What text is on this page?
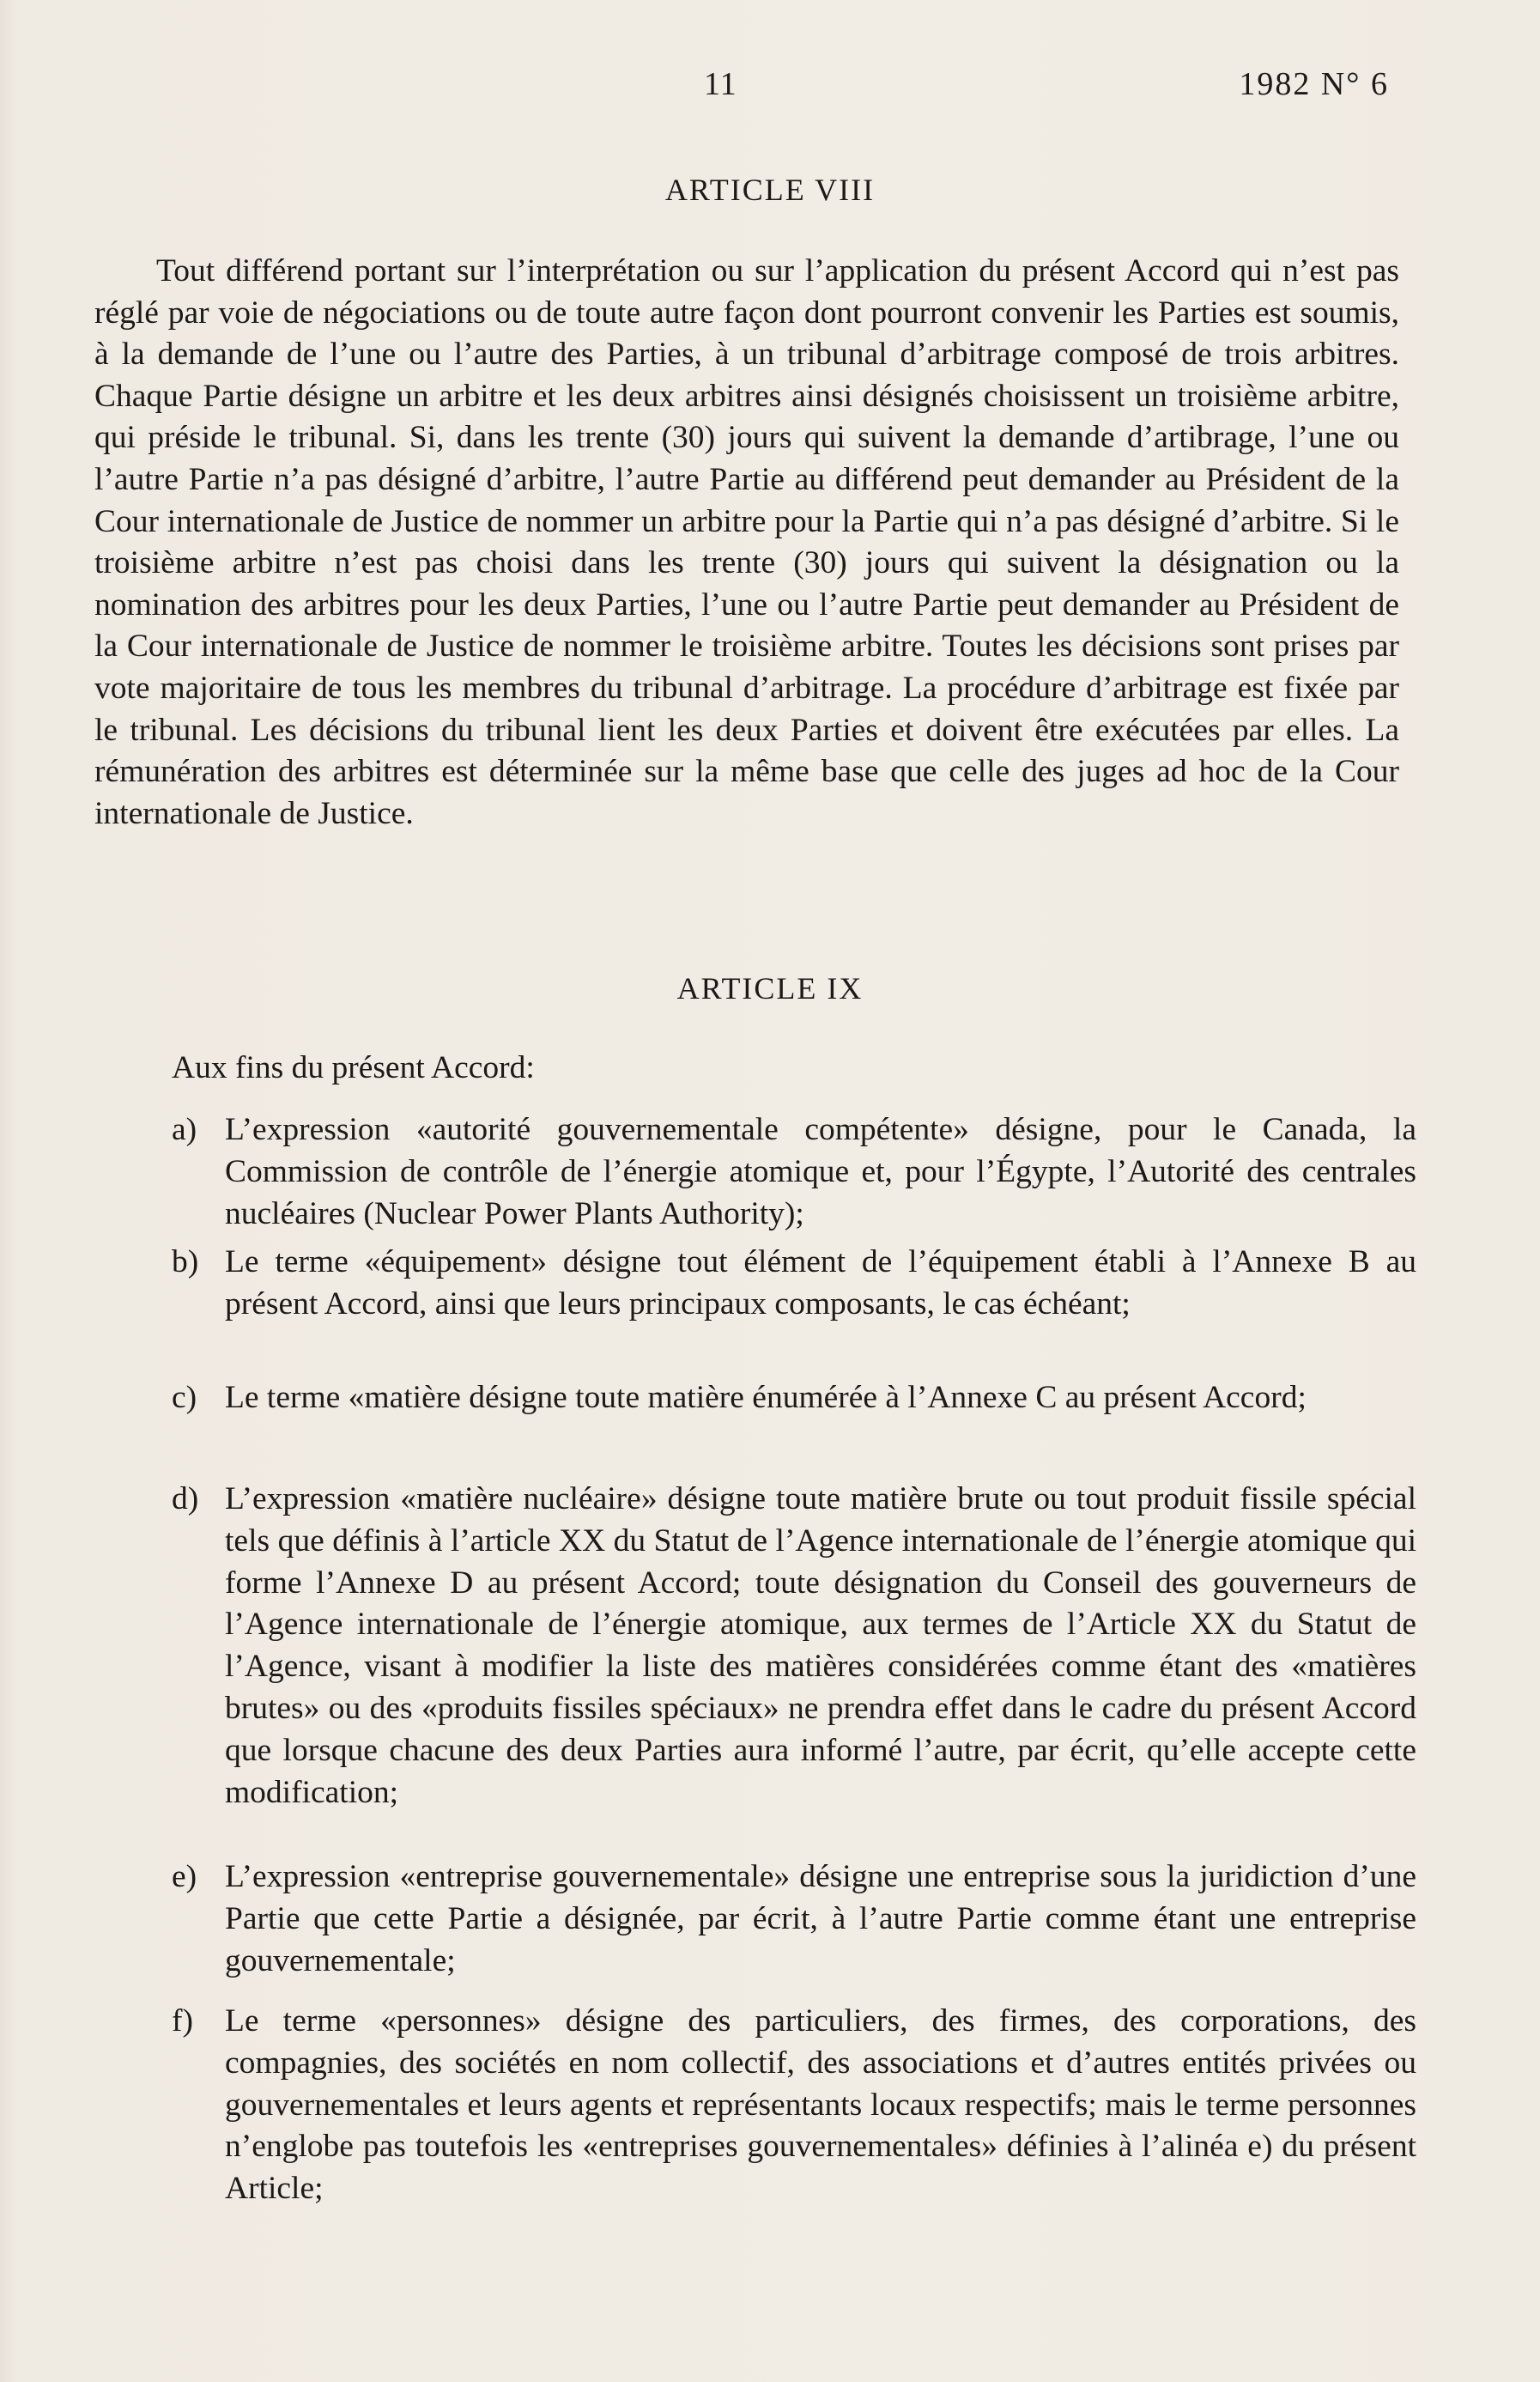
11	1982 N° 6
ARTICLE VIII

Tout différend portant sur l’interprétation ou sur l’application du présent Accord qui n’est pas réglé par voie de négociations ou de toute autre façon dont pourront convenir les Parties est soumis, à la demande de l’une ou l’autre des Parties, à un tribunal d’arbitrage composé de trois arbitres. Chaque Partie désigne un arbitre et les deux arbitres ainsi désignés choisissent un troisième arbitre, qui préside le tribunal. Si, dans les trente (30) jours qui suivent la demande d’artibrage, l’une ou l’autre Partie n’a pas désigné d’arbitre, l’autre Partie au différend peut demander au Président de la Cour internationale de Justice de nommer un arbitre pour la Partie qui n’a pas désigné d’arbitre. Si le troisième arbitre n’est pas choisi dans les trente (30) jours qui suivent la désignation ou la nomination des arbitres pour les deux Parties, l’une ou l’autre Partie peut demander au Président de la Cour internationale de Justice de nommer le troisième arbitre. Toutes les décisions sont prises par vote majoritaire de tous les membres du tribunal d’arbitrage. La procédure d’arbitrage est fixée par le tribunal. Les décisions du tribunal lient les deux Parties et doivent être exécutées par elles. La rémunération des arbitres est déterminée sur la même base que celle des juges ad hoc de la Cour internationale de Justice.

ARTICLE IX
Aux fins du présent Accord:
a) L’expression «autorité gouvernementale compétente» désigne, pour le Canada, la Commission de contrôle de l’énergie atomique et, pour l’Égypte, l’Autorité des centrales nucléaires (Nuclear Power Plants Authority);
b) Le terme «équipement» désigne tout élément de l’équipement établi à l’Annexe B au présent Accord, ainsi que leurs principaux composants, le cas échéant;
c) Le terme «matière désigne toute matière énumérée à l’Annexe C au présent Accord;
d) L’expression «matière nucléaire» désigne toute matière brute ou tout produit fissile spécial tels que définis à l’article XX du Statut de l’Agence internationale de l’énergie atomique qui forme l’Annexe D au présent Accord; toute désignation du Conseil des gouverneurs de l’Agence internationale de l’énergie atomique, aux termes de l’Article XX du Statut de l’Agence, visant à modifier la liste des matières considérées comme étant des «matières brutes» ou des «produits fissiles spéciaux» ne prendra effet dans le cadre du présent Accord que lorsque chacune des deux Parties aura informé l’autre, par écrit, qu’elle accepte cette modification;
e) L’expression «entreprise gouvernementale» désigne une entreprise sous la juridiction d’une Partie que cette Partie a désignée, par écrit, à l’autre Partie comme étant une entreprise gouvernementale;
f) Le terme «personnes» désigne des particuliers, des firmes, des corporations, des compagnies, des sociétés en nom collectif, des associations et d’autres entités privées ou gouvernementales et leurs agents et représentants locaux respectifs; mais le terme personnes n’englobe pas toutefois les «entreprises gouvernementales» définies à l’alinéa e) du présent Article;
